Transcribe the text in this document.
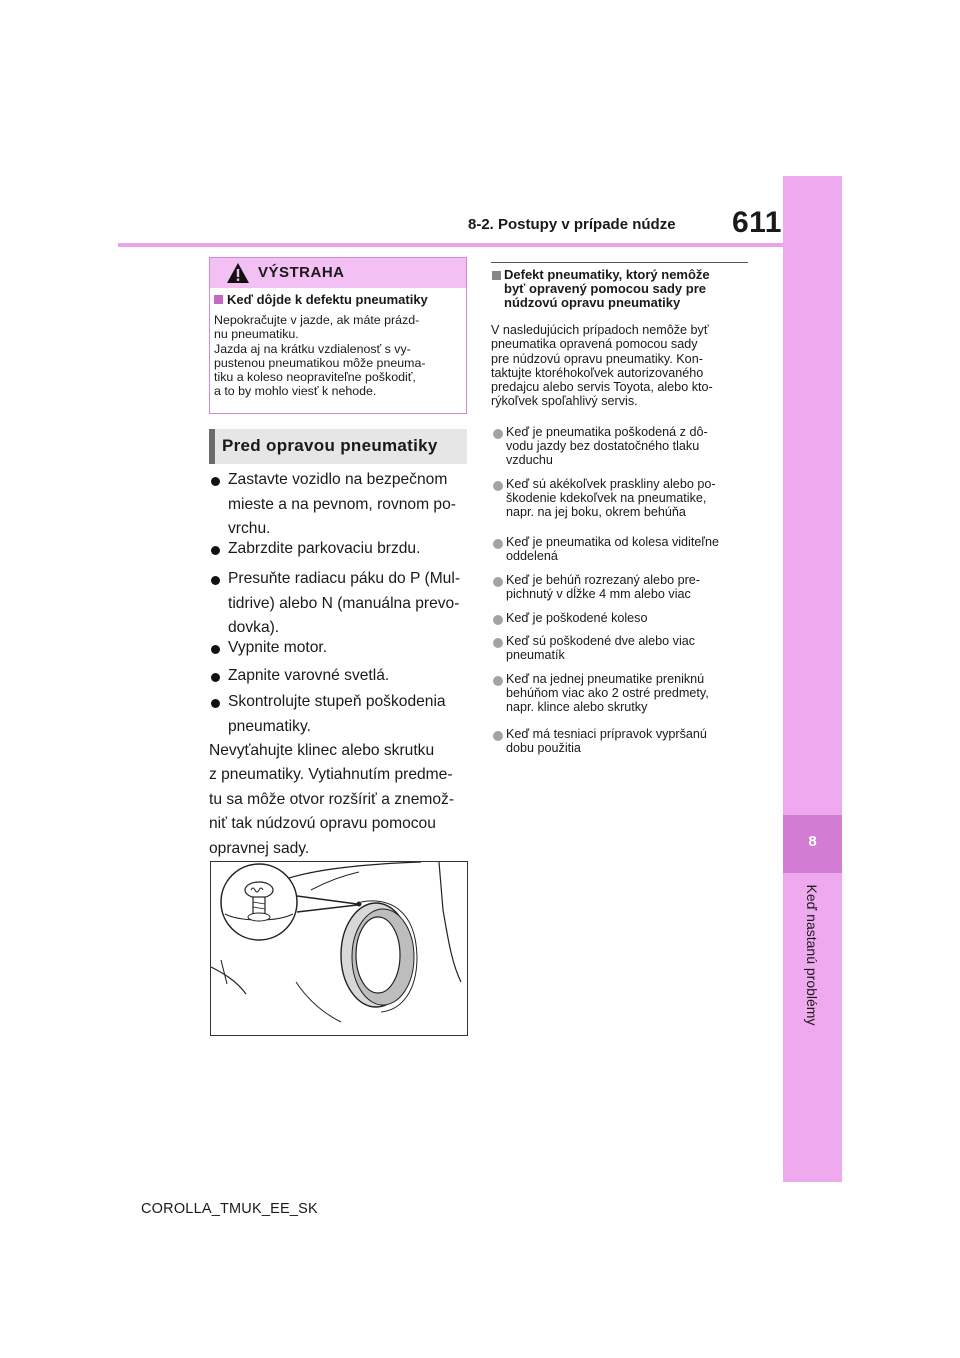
8-2. Postupy v prípade núdze 611
8
Keď nastanú problémy
VÝSTRAHA
Keď dôjde k defektu pneumatiky
Nepokračujte v jazde, ak máte prázd-
nu pneumatiku.
Jazda aj na krátku vzdialenosť s vy-
pustenou pneumatikou môže pneuma-
tiku a koleso neopraviteľne poškodiť,
a to by mohlo viesť k nehode.
Pred opravou pneumatiky
Zastavte vozidlo na bezpečnom
mieste a na pevnom, rovnom po-
vrchu.
Zabrzdite parkovaciu brzdu.
Presuňte radiacu páku do P (Mul-
tidrive) alebo N (manuálna prevo-
dovka).
Vypnite motor.
Zapnite varovné svetlá.
Skontrolujte stupeň poškodenia
pneumatiky.
Nevyťahujte klinec alebo skrutku
z pneumatiky. Vytiahnutím predme-
tu sa môže otvor rozšíriť a znemož-
niť tak núdzovú opravu pomocou
opravnej sady.
Defekt pneumatiky, ktorý nemôže
byť opravený pomocou sady pre
núdzovú opravu pneumatiky
V nasledujúcich prípadoch nemôže byť
pneumatika opravená pomocou sady
pre núdzovú opravu pneumatiky. Kon-
taktujte ktoréhokoľvek autorizovaného
predajcu alebo servis Toyota, alebo kto-
rýkoľvek spoľahlivý servis.
Keď je pneumatika poškodená z dô-
vodu jazdy bez dostatočného tlaku
vzduchu
Keď sú akékoľvek praskliny alebo po-
škodenie kdekoľvek na pneumatike,
napr. na jej boku, okrem behúňa
Keď je pneumatika od kolesa viditeľne
oddelená
Keď je behúň rozrezaný alebo pre-
pichnutý v dĺžke 4 mm alebo viac
Keď je poškodené koleso
Keď sú poškodené dve alebo viac
pneumatík
Keď na jednej pneumatike preniknú
behúňom viac ako 2 ostré predmety,
napr. klince alebo skrutky
Keď má tesniaci prípravok vypršanú
dobu použitia
COROLLA_TMUK_EE_SK
